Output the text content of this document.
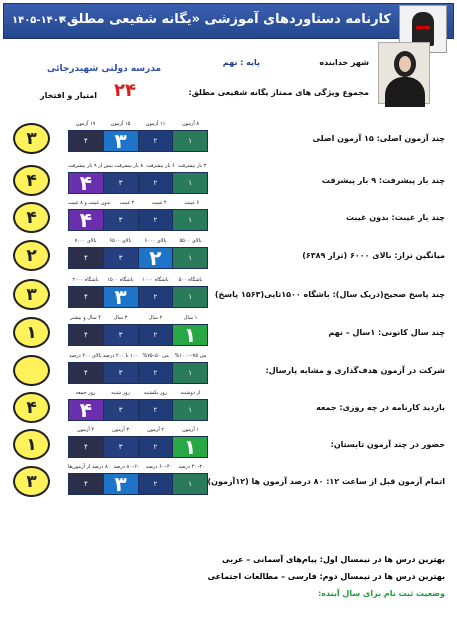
کارنامه دستاوردهای آموزشی «یگانه شفیعی مطلق»
۱۴۰۵-۱۴۰۴
شهر خدابنده
پایه : نهم
مدرسه دولتی شهیدرجائی
مجموع ویژگی های ممتاز یگانه شفیعی مطلق:
۲۴
امتیاز و افتخار
چند آزمون اصلی: ۱۵ آزمون اصلی
۸ آزمون
۱۱ آزمون
۱۵ آزمون
۱۹ آزمون
۱
۲
۳
۴
۳
چند بار پیشرفت: ۹ بار پیشرفت
۳ بار پیشرفت
۶ بار پیشرفت
۸ بار پیشرفت
بیش از ۹ بار پیشرفت
۱
۲
۳
۴
۴
چند بار غیبت: بدون غیبت
۶ غیبت
۴ غیبت
۲ غیبت
بدون غیبت و ۸ غیبت
۱
۲
۳
۴
۴
میانگین تراز: بالای ۶۰۰۰ (تراز ۶۳۸۹)
بالای ۵۵۰۰
بالای ۶۰۰۰
بالای ۶۵۰۰
بالای ۷۰۰۰
۱
۲
۳
۴
۲
چند پاسخ صحیح(دریک سال): باشگاه ۱۵۰۰تایی(۱۵۶۳ پاسخ)
باشگاه ۵۰۰
باشگاه ۱۰۰۰
باشگاه ۱۵۰۰
باشگاه ۲۰۰۰
۱
۲
۳
۴
۳
چند سال کانونی: ۱سال – نهم
۱ سال
۲ سال
۳ سال
۴ سال و بیشتر
۱
۲
۳
۴
۱
شرکت در آزمون هدف‌گذاری و مشابه پارسال:
می ۷۵–۱۰۰۰%
می ۵۰–۷۵%
۱۰۰ تا ۲۰۰ درصد
بالای ۲۰۰ درصد
۱
۲
۳
۴
بازدید کارنامه در چه روزی: جمعه
از دوشنبه
روز یکشنبه
روز شنبه
روز جمعه
۱
۲
۳
۴
۴
حضور در چند آزمون تابستان:
۱ آزمون
۲ آزمون
۳ آزمون
۴ آزمون
۱
۲
۳
۴
۱
اتمام آزمون قبل از ساعت ۱۲: ۸۰ درصد آزمون ها (۱۲آزمون)
۲۰–۴۰ درصد
۴۰–۶۰ درصد
۶۰–۸۰ درصد
۸۰ درصد از آزمون‌ها
۱
۲
۳
۴
۳
بهترین درس ها در نیمسال اول: پیام‌های آسمانی – عربی
بهترین درس ها در نیمسال دوم: فارسی – مطالعات اجتماعی
وضعیت ثبت نام برای سال آینده:
